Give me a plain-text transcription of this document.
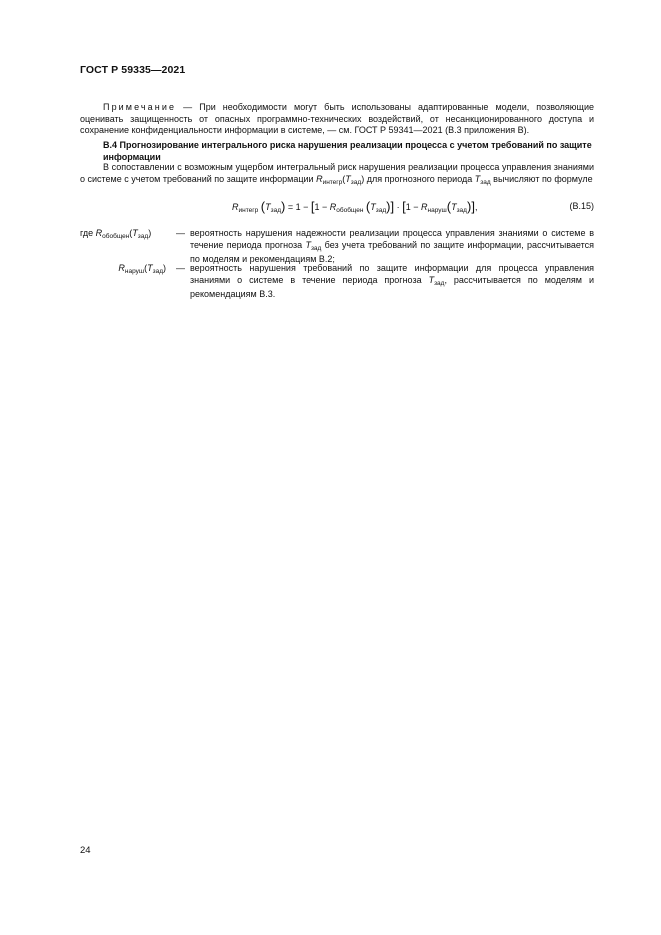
ГОСТ Р 59335—2021
Примечание — При необходимости могут быть использованы адаптированные модели, позволяющие оценивать защищенность от опасных программно-технических воздействий, от несанкционированного доступа и сохранение конфиденциальности информации в системе, — см. ГОСТ Р 59341—2021 (В.3 приложения В).
В.4 Прогнозирование интегрального риска нарушения реализации процесса с учетом требований по защите информации
В сопоставлении с возможным ущербом интегральный риск нарушения реализации процесса управления знаниями о системе с учетом требований по защите информации $R_{интегр}(T_{зад})$ для прогнозного периода $T_{зад}$ вычисляют по формуле
$R_{интегр}$ $(T_{зад}) = 1 - [1 - R_{обобщен}$ $(T_{зад})] \cdot [1 - R_{наруш}(T_{зад})]$,	(В.15)
где $R_{обобщен}(T_{зад})$	— вероятность нарушения надежности реализации процесса управления знаниями о системе в течение периода прогноза $T_{зад}$ без учета требований по защите информации, рассчитывается по моделям и рекомендациям В.2;
$R_{наруш}(T_{зад})$ — вероятность нарушения требований по защите информации для процесса управления знаниями о системе в течение периода прогноза $T_{зад}$, рассчитывается по моделям и рекомендациям В.3.
24
